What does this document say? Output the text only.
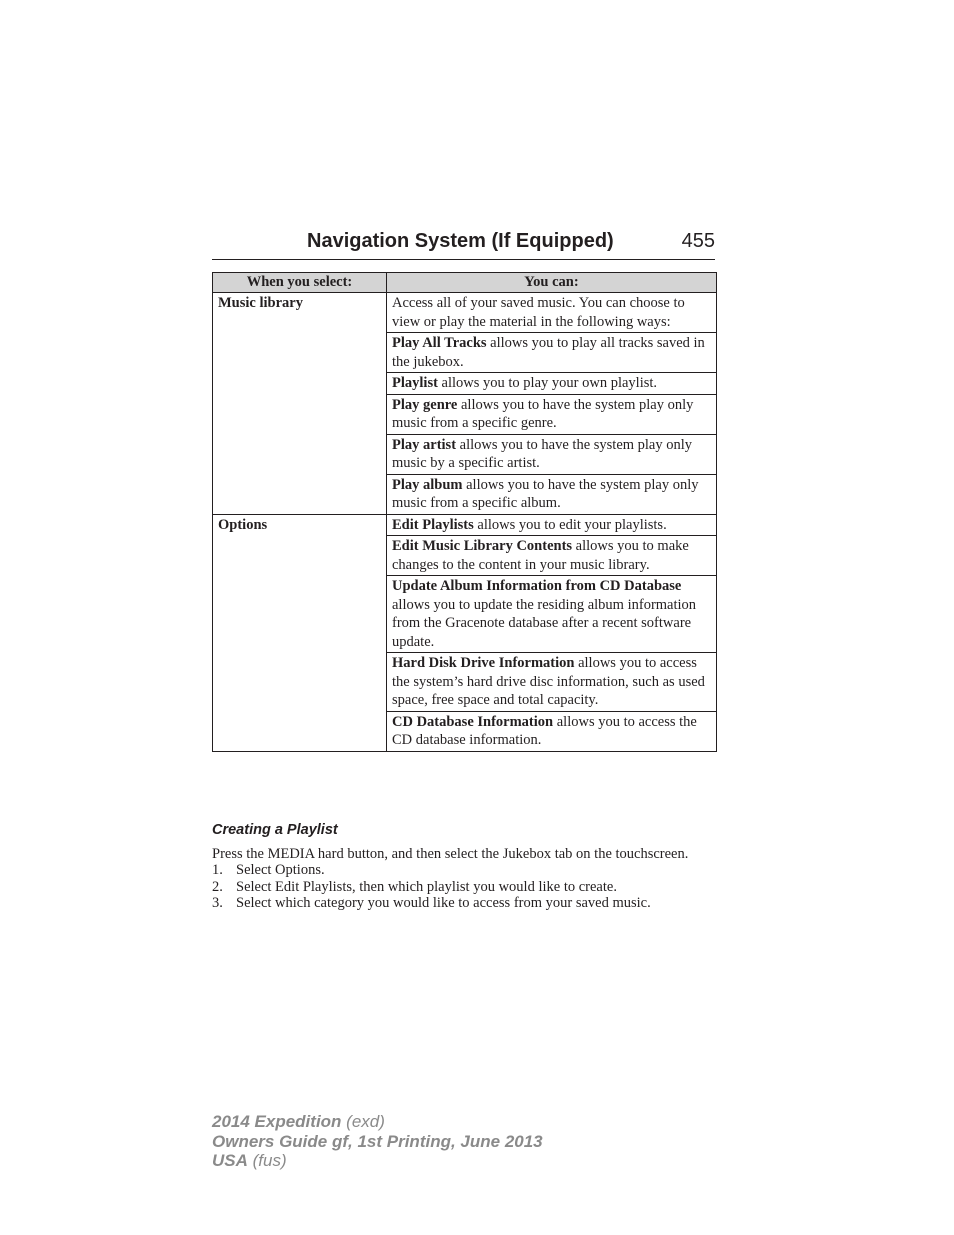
Navigation System (If Equipped)	455
When you select:	You can:
Music library	Access all of your saved music. You can choose to view or play the material in the following ways:
	Play All Tracks allows you to play all tracks saved in the jukebox.
	Playlist allows you to play your own playlist.
	Play genre allows you to have the system play only music from a specific genre.
	Play artist allows you to have the system play only music by a specific artist.
	Play album allows you to have the system play only music from a specific album.
Options	Edit Playlists allows you to edit your playlists.
	Edit Music Library Contents allows you to make changes to the content in your music library.
	Update Album Information from CD Database allows you to update the residing album information from the Gracenote database after a recent software update.
	Hard Disk Drive Information allows you to access the system’s hard drive disc information, such as used space, free space and total capacity.
	CD Database Information allows you to access the CD database information.
Creating a Playlist

Press the MEDIA hard button, and then select the Jukebox tab on the touchscreen.

1. Select Options.
2. Select Edit Playlists, then which playlist you would like to create.
3. Select which category you would like to access from your saved music.
2014 Expedition (exd)
Owners Guide gf, 1st Printing, June 2013
USA (fus)
